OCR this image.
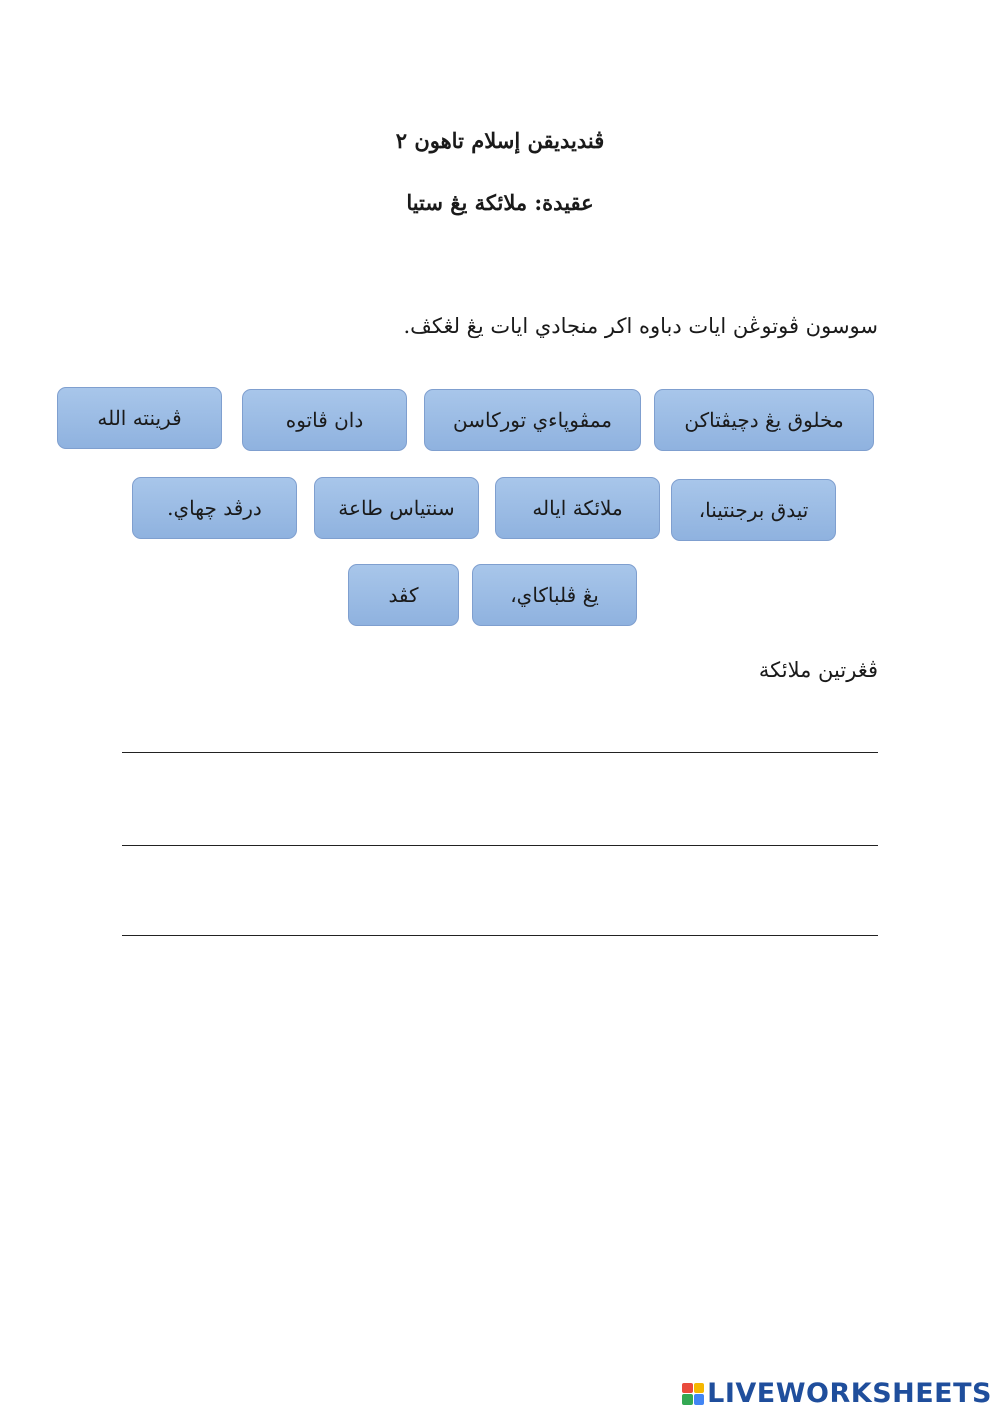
ڤنديديقن إسلام تاهون ٢
عقيدة: ملائكة يڠ ستيا
سوسون ڤوتوڠن ايات دباوه اکر منجادي ايات يڠ لڠکڤ.
مخلوق يڠ دچيڤتاکن
ممڤوڽاءي تورکاسن
دان ڤاتوه
ڤرينته الله
تيدق برجنتينا،
ملائكة اياله
سنتياس طاعة
درڤد چهاي.
يڠ ڤلباکاي،
کڤد
ڤڠرتين ملائكة
LIVEWORKSHEETS
